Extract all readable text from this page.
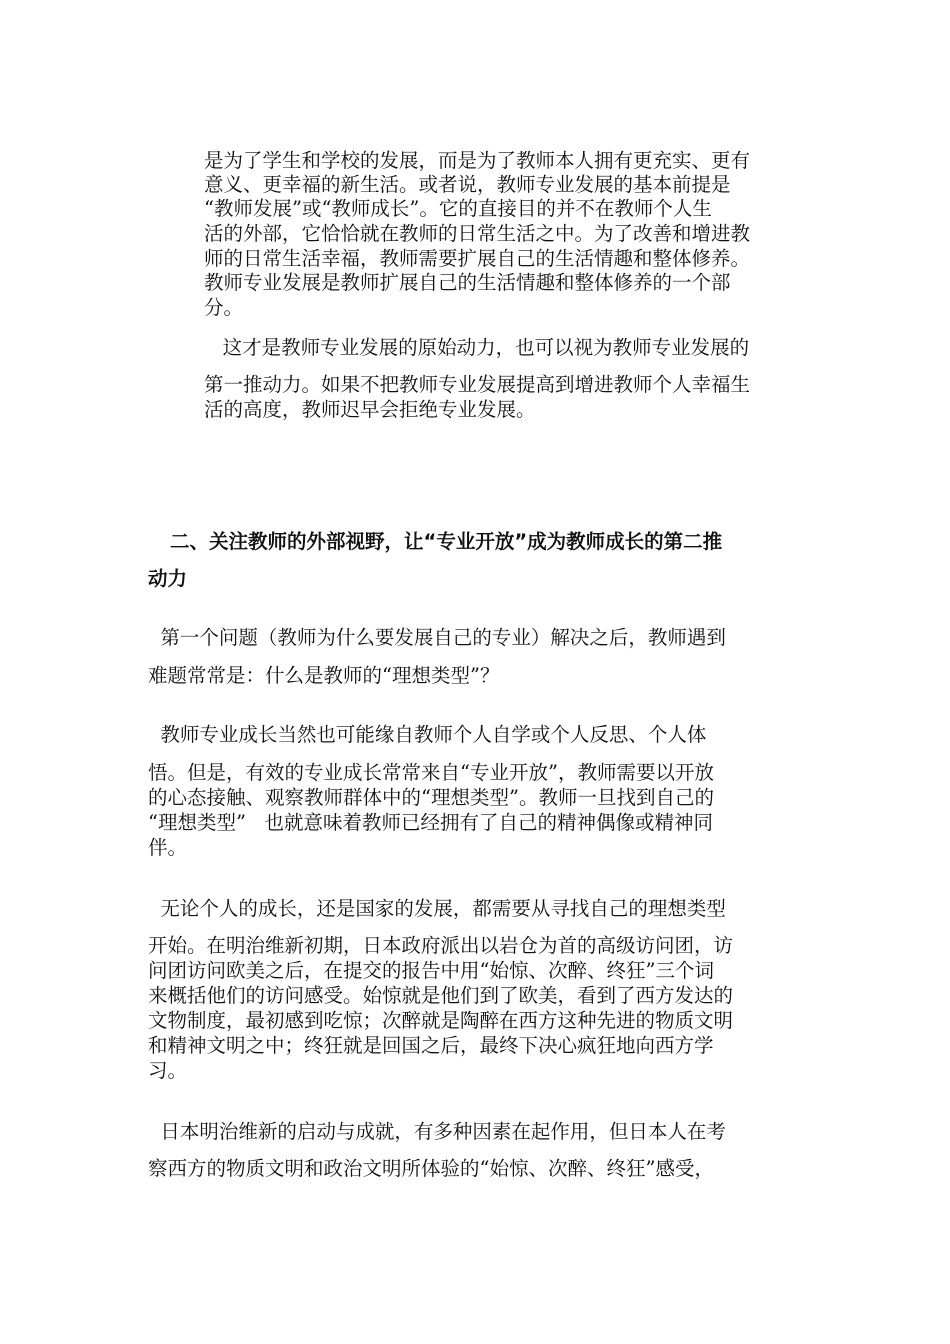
是为了学生和学校的发展，而是为了教师本人拥有更充实、更有

意义、更幸福的新生活。或者说，教师专业发展的基本前提是

“教师发展”或“教师成长”。它的直接目的并不在教师个人生

活的外部，它恰恰就在教师的日常生活之中。为了改善和增进教

师的日常生活幸福，教师需要扩展自己的生活情趣和整体修养。

教师专业发展是教师扩展自己的生活情趣和整体修养的一个部

分。

这才是教师专业发展的原始动力，也可以视为教师专业发展的

第一推动力。如果不把教师专业发展提高到增进教师个人幸福生

活的高度，教师迟早会拒绝专业发展。

二、关注教师的外部视野，让“专业开放”成为教师成长的第二推

动力

第一个问题（教师为什么要发展自己的专业）解决之后，教师遇到

难题常常是：什么是教师的“理想类型”？

教师专业成长当然也可能缘自教师个人自学或个人反思、个人体

悟。但是，有效的专业成长常常来自“专业开放”，教师需要以开放

的心态接触、观察教师群体中的“理想类型”。教师一旦找到自己的

“理想类型”   也就意味着教师已经拥有了自己的精神偶像或精神同

伴。

无论个人的成长，还是国家的发展，都需要从寻找自己的理想类型

开始。在明治维新初期，日本政府派出以岩仓为首的高级访问团，访

问团访问欧美之后，在提交的报告中用“始惊、次醉、终狂”三个词

来概括他们的访问感受。始惊就是他们到了欧美，看到了西方发达的

文物制度，最初感到吃惊；次醉就是陶醉在西方这种先进的物质文明

和精神文明之中；终狂就是回国之后，最终下决心疯狂地向西方学

习。

日本明治维新的启动与成就，有多种因素在起作用，但日本人在考

察西方的物质文明和政治文明所体验的“始惊、次醉、终狂”感受，
